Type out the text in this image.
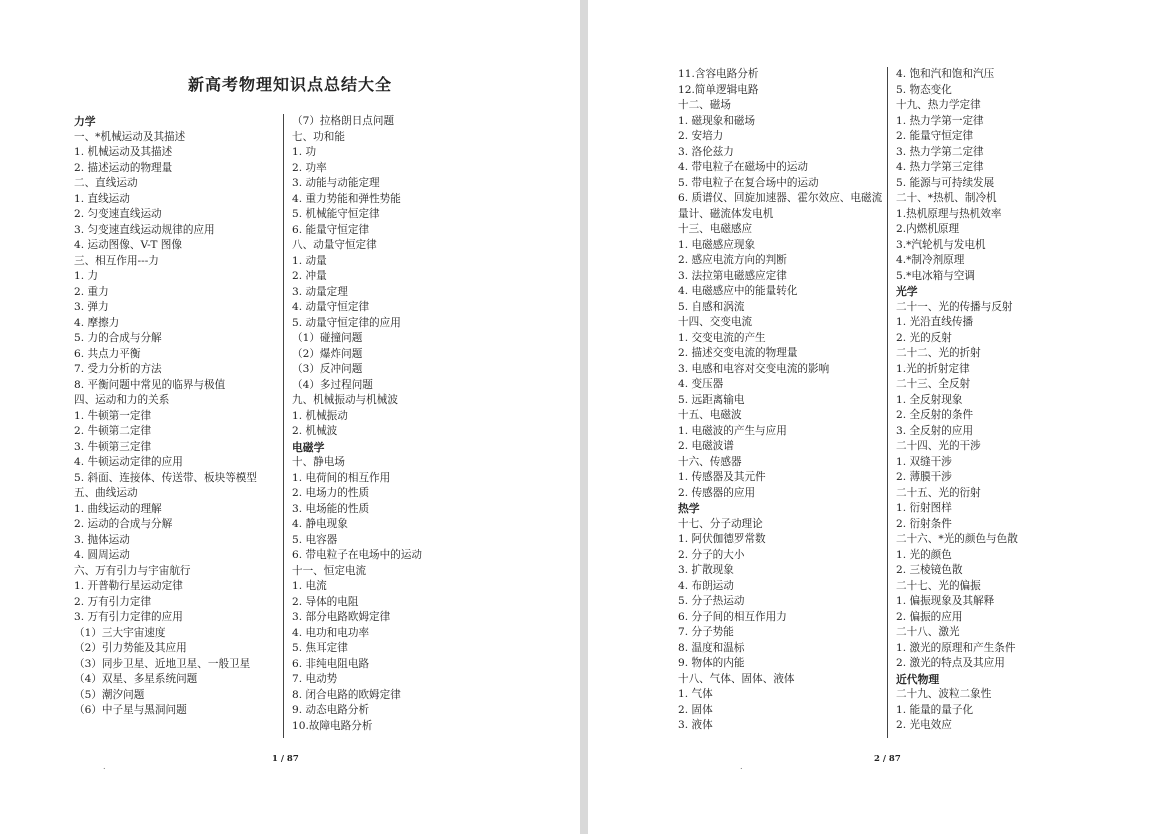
新高考物理知识点总结大全
力学
一、*机械运动及其描述
1. 机械运动及其描述
2. 描述运动的物理量
二、直线运动
1. 直线运动
2. 匀变速直线运动
3. 匀变速直线运动规律的应用
4. 运动图像、V-T 图像
三、相互作用---力
1. 力
2. 重力
3. 弹力
4. 摩擦力
5. 力的合成与分解
6. 共点力平衡
7. 受力分析的方法
8. 平衡问题中常见的临界与极值
四、运动和力的关系
1. 牛顿第一定律
2. 牛顿第二定律
3. 牛顿第三定律
4. 牛顿运动定律的应用
5. 斜面、连接体、传送带、板块等模型
五、曲线运动
1. 曲线运动的理解
2. 运动的合成与分解
3. 抛体运动
4. 圆周运动
六、万有引力与宇宙航行
1. 开普勒行星运动定律
2. 万有引力定律
3. 万有引力定律的应用
（1）三大宇宙速度
（2）引力势能及其应用
（3）同步卫星、近地卫星、一般卫星
（4）双星、多星系统问题
（5）潮汐问题
（6）中子星与黑洞问题
（7）拉格朗日点问题
七、功和能
1. 功
2. 功率
3. 动能与动能定理
4. 重力势能和弹性势能
5. 机械能守恒定律
6. 能量守恒定律
八、动量守恒定律
1. 动量
2. 冲量
3. 动量定理
4. 动量守恒定律
5. 动量守恒定律的应用
（1）碰撞问题
（2）爆炸问题
（3）反冲问题
（4）多过程问题
九、机械振动与机械波
1. 机械振动
2. 机械波
电磁学
十、静电场
1. 电荷间的相互作用
2. 电场力的性质
3. 电场能的性质
4. 静电现象
5. 电容器
6. 带电粒子在电场中的运动
十一、恒定电流
1. 电流
2. 导体的电阻
3. 部分电路欧姆定律
4. 电功和电功率
5. 焦耳定律
6. 非纯电阻电路
7. 电动势
8. 闭合电路的欧姆定律
9. 动态电路分析
10.故障电路分析
1 / 87
.
11.含容电路分析
12.简单逻辑电路
十二、磁场
1. 磁现象和磁场
2. 安培力
3. 洛伦兹力
4. 带电粒子在磁场中的运动
5. 带电粒子在复合场中的运动
6. 质谱仪、回旋加速器、霍尔效应、电磁流量计、磁流体发电机
十三、电磁感应
1. 电磁感应现象
2. 感应电流方向的判断
3. 法拉第电磁感应定律
4. 电磁感应中的能量转化
5. 自感和涡流
十四、交变电流
1. 交变电流的产生
2. 描述交变电流的物理量
3. 电感和电容对交变电流的影响
4. 变压器
5. 远距离输电
十五、电磁波
1. 电磁波的产生与应用
2. 电磁波谱
十六、传感器
1. 传感器及其元件
2. 传感器的应用
热学
十七、分子动理论
1. 阿伏伽德罗常数
2. 分子的大小
3. 扩散现象
4. 布朗运动
5. 分子热运动
6. 分子间的相互作用力
7. 分子势能
8. 温度和温标
9. 物体的内能
十八、气体、固体、液体
1. 气体
2. 固体
3. 液体
4. 饱和汽和饱和汽压
5. 物态变化
十九、热力学定律
1. 热力学第一定律
2. 能量守恒定律
3. 热力学第二定律
4. 热力学第三定律
5. 能源与可持续发展
二十、*热机、制冷机
1.热机原理与热机效率
2.内燃机原理
3.*汽轮机与发电机
4.*制冷剂原理
5.*电冰箱与空调
光学
二十一、光的传播与反射
1. 光沿直线传播
2. 光的反射
二十二、光的折射
1.光的折射定律
二十三、全反射
1. 全反射现象
2. 全反射的条件
3. 全反射的应用
二十四、光的干涉
1. 双缝干涉
2. 薄膜干涉
二十五、光的衍射
1. 衍射图样
2. 衍射条件
二十六、*光的颜色与色散
1. 光的颜色
2. 三棱镜色散
二十七、光的偏振
1. 偏振现象及其解释
2. 偏振的应用
二十八、激光
1. 激光的原理和产生条件
2. 激光的特点及其应用
近代物理
二十九、波粒二象性
1. 能量的量子化
2. 光电效应
2 / 87
.
